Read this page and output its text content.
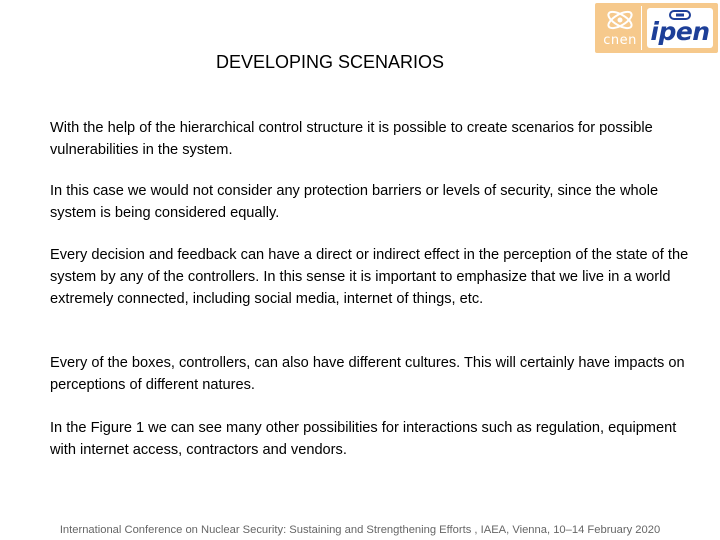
cnen ipen
DEVELOPING SCENARIOS

With the help of the hierarchical control structure it is possible to create scenarios for possible vulnerabilities in the system.

In this case we would not consider any protection barriers or levels of security, since the whole system is being considered equally.

Every decision and feedback can have a direct or indirect effect in the perception of the state of the system by any of the controllers. In this sense it is important to emphasize that we live in a world extremely connected, including social media, internet of things, etc.

Every of the boxes, controllers, can also have different cultures. This will certainly have impacts on perceptions of different natures.

In the Figure 1 we can see many other possibilities for interactions such as regulation, equipment with internet access, contractors and vendors.

International Conference on Nuclear Security: Sustaining and Strengthening Efforts , IAEA, Vienna, 10–14 February 2020
